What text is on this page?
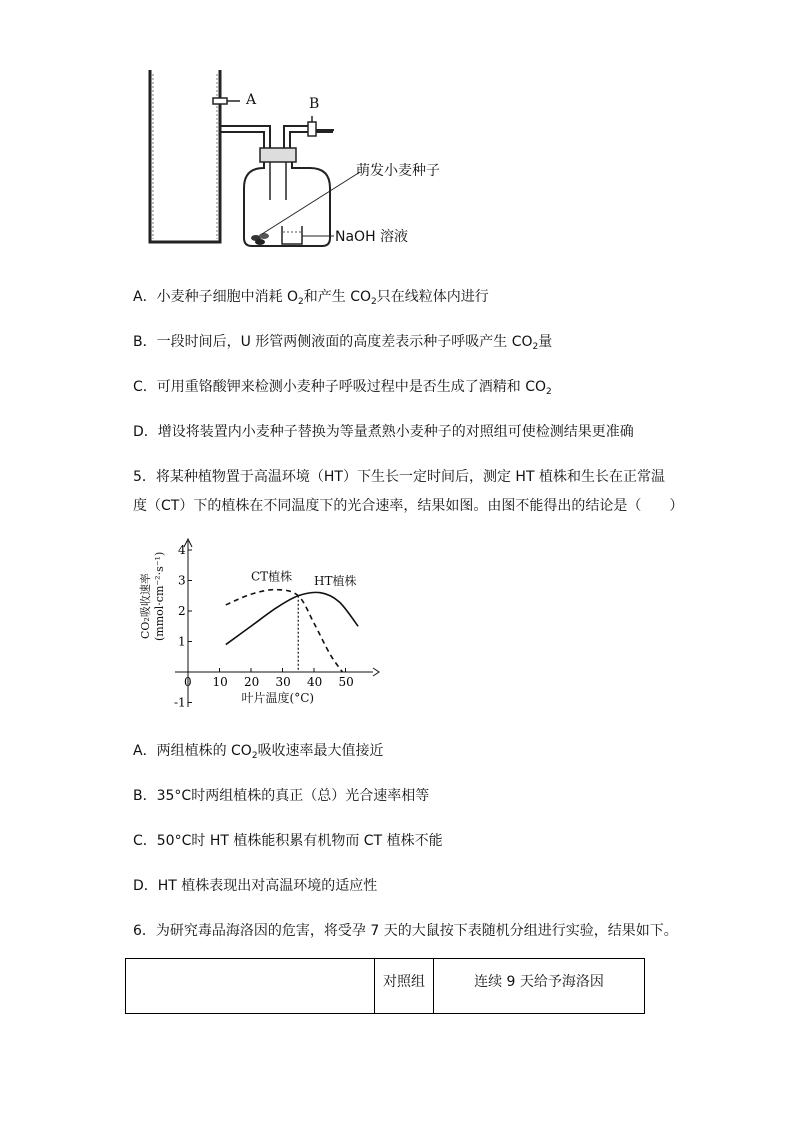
A	B
萌发小麦种子
NaOH 溶液
A．小麦种子细胞中消耗 $O_2$和产生 $CO_2$只在线粒体内进行
B．一段时间后，U 形管两侧液面的高度差表示种子呼吸产生 $CO_2$量
C．可用重铬酸钾来检测小麦种子呼吸过程中是否生成了酒精和 $CO_2$
D．增设将装置内小麦种子替换为等量煮熟小麦种子的对照组可使检测结果更准确
5．将某种植物置于高温环境（HT）下生长一定时间后，测定 HT 植株和生长在正常温
度（CT）下的植株在不同温度下的光合速率，结果如图。由图不能得出的结论是（　　）
0 10 20 30 40 50
-1
1
2
3
4
CT植株 HT植株
叶片温度(°C)
CO₂吸收速率 (mmol·cm⁻²·s⁻¹)
A．两组植株的 $CO_2$吸收速率最大值接近
B．35°C时两组植株的真正（总）光合速率相等
C．50°C时 HT 植株能积累有机物而 CT 植株不能
D．HT 植株表现出对高温环境的适应性
6．为研究毒品海洛因的危害，将受孕 7 天的大鼠按下表随机分组进行实验，结果如下。
	对照组	连续 9 天给予海洛因
